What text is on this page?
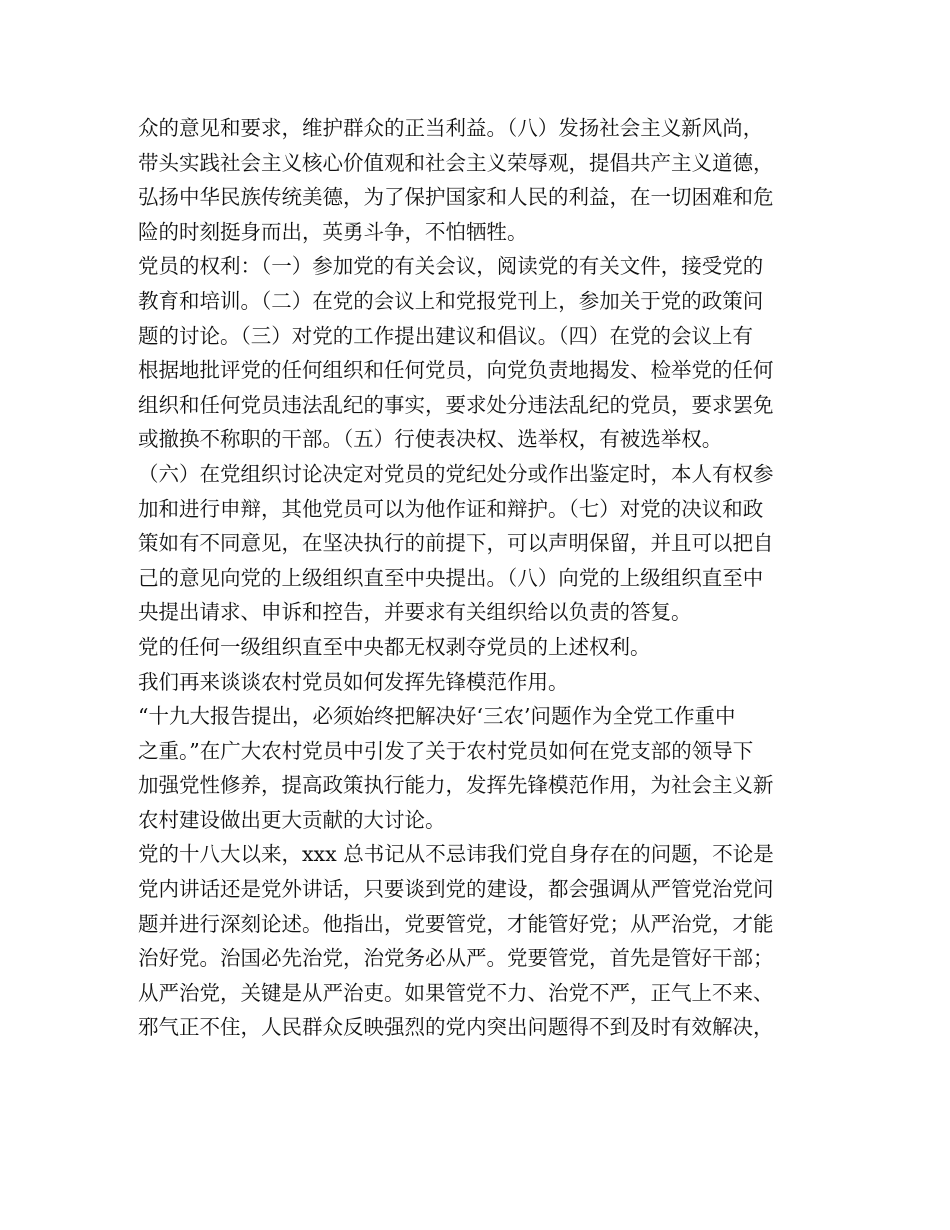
众的意见和要求，维护群众的正当利益。（八）发扬社会主义新风尚，
带头实践社会主义核心价值观和社会主义荣辱观，提倡共产主义道德，
弘扬中华民族传统美德，为了保护国家和人民的利益，在一切困难和危
险的时刻挺身而出，英勇斗争，不怕牺牲。
党员的权利：（一）参加党的有关会议，阅读党的有关文件，接受党的
教育和培训。（二）在党的会议上和党报党刊上，参加关于党的政策问
题的讨论。（三）对党的工作提出建议和倡议。（四）在党的会议上有
根据地批评党的任何组织和任何党员，向党负责地揭发、检举党的任何
组织和任何党员违法乱纪的事实，要求处分违法乱纪的党员，要求罢免
或撤换不称职的干部。（五）行使表决权、选举权，有被选举权。
（六）在党组织讨论决定对党员的党纪处分或作出鉴定时，本人有权参
加和进行申辩，其他党员可以为他作证和辩护。（七）对党的决议和政
策如有不同意见，在坚决执行的前提下，可以声明保留，并且可以把自
己的意见向党的上级组织直至中央提出。（八）向党的上级组织直至中
央提出请求、申诉和控告，并要求有关组织给以负责的答复。
党的任何一级组织直至中央都无权剥夺党员的上述权利。
我们再来谈谈农村党员如何发挥先锋模范作用。
“十九大报告提出，必须始终把解决好‘三农’问题作为全党工作重中
之重。”在广大农村党员中引发了关于农村党员如何在党支部的领导下
加强党性修养，提高政策执行能力，发挥先锋模范作用，为社会主义新
农村建设做出更大贡献的大讨论。
党的十八大以来，xxx 总书记从不忌讳我们党自身存在的问题，不论是
党内讲话还是党外讲话，只要谈到党的建设，都会强调从严管党治党问
题并进行深刻论述。他指出，党要管党，才能管好党；从严治党，才能
治好党。治国必先治党，治党务必从严。党要管党，首先是管好干部；
从严治党，关键是从严治吏。如果管党不力、治党不严，正气上不来、
邪气正不住，人民群众反映强烈的党内突出问题得不到及时有效解决，
